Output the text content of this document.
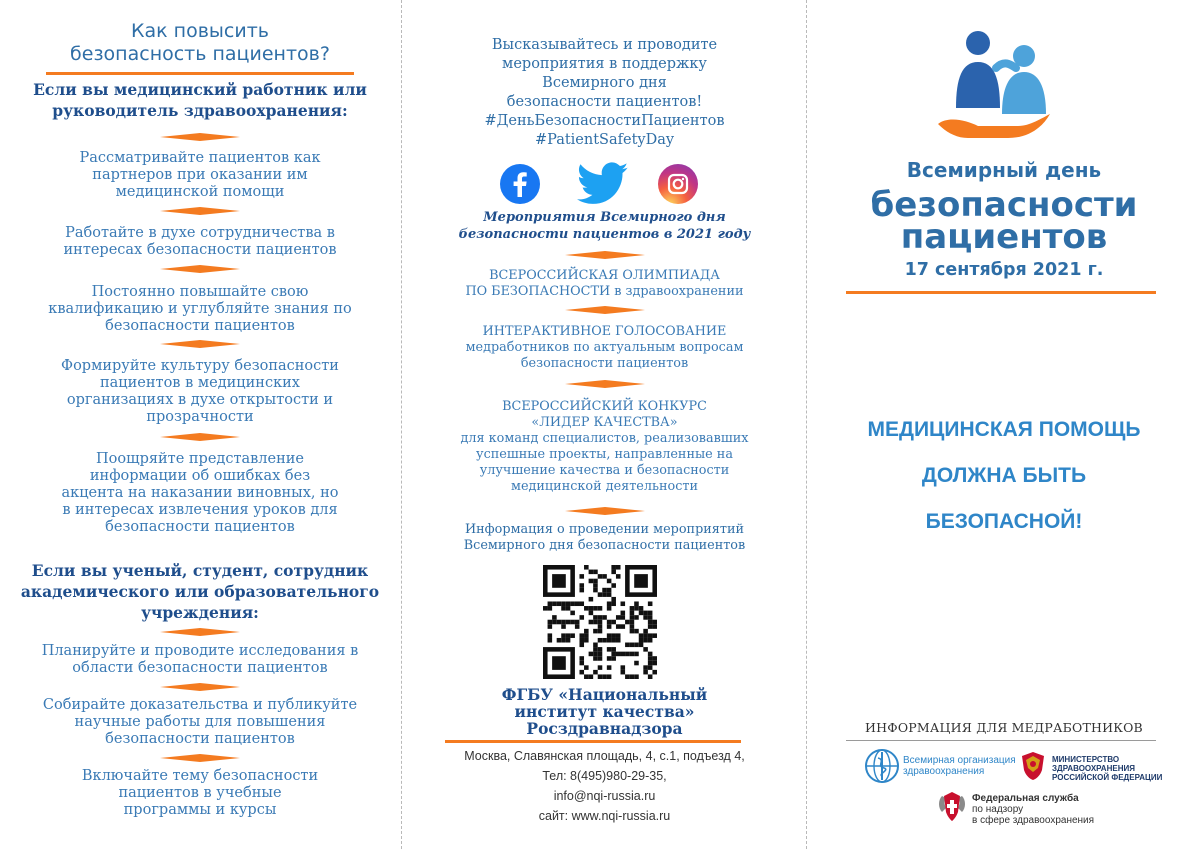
Как повысить
безопасность пациентов?
Если вы медицинский работник или
руководитель здравоохранения:
Рассматривайте пациентов как
партнеров при оказании им
медицинской помощи
Работайте в духе сотрудничества в
интересах безопасности пациентов
Постоянно повышайте свою
квалификацию и углубляйте знания по
безопасности пациентов
Формируйте культуру безопасности
пациентов в медицинских
организациях в духе открытости и
прозрачности
Поощряйте представление
информации об ошибках без
акцента на наказании виновных, но
в интересах извлечения уроков для
безопасности пациентов
Если вы ученый, студент, сотрудник
академического или образовательного
учреждения:
Планируйте и проводите исследования в
области безопасности пациентов
Собирайте доказательства и публикуйте
научные работы для повышения
безопасности пациентов
Включайте тему безопасности
пациентов в учебные
программы и курсы
Высказывайтесь и проводите
мероприятия в поддержку
Всемирного дня
безопасности пациентов!
#ДеньБезопасностиПациентов
#PatientSafetyDay
Мероприятия Всемирного дня
безопасности пациентов в 2021 году
ВСЕРОССИЙСКАЯ ОЛИМПИАДА
ПО БЕЗОПАСНОСТИ в здравоохранении
ИНТЕРАКТИВНОЕ ГОЛОСОВАНИЕ
медработников по актуальным вопросам
безопасности пациентов
ВСЕРОССИЙСКИЙ КОНКУРС
«ЛИДЕР КАЧЕСТВА»
для команд специалистов, реализовавших
успешные проекты, направленные на
улучшение качества и безопасности
медицинской деятельности
Информация о проведении мероприятий
Всемирного дня безопасности пациентов
ФГБУ «Национальный
институт качества»
Росздравнадзора
Москва, Славянская площадь, 4, с.1, подъезд 4,
Тел: 8(495)980-29-35,
info@nqi-russia.ru
сайт: www.nqi-russia.ru
Всемирный день
безопасности
пациентов
17 сентября 2021 г.
МЕДИЦИНСКАЯ ПОМОЩЬ
ДОЛЖНА БЫТЬ
БЕЗОПАСНОЙ!
ИНФОРМАЦИЯ ДЛЯ МЕДРАБОТНИКОВ
Всемирная организация
здравоохранения
МИНИСТЕРСТВО
ЗДРАВООХРАНЕНИЯ
РОССИЙСКОЙ ФЕДЕРАЦИИ
Федеральная служба
по надзору
в сфере здравоохранения
